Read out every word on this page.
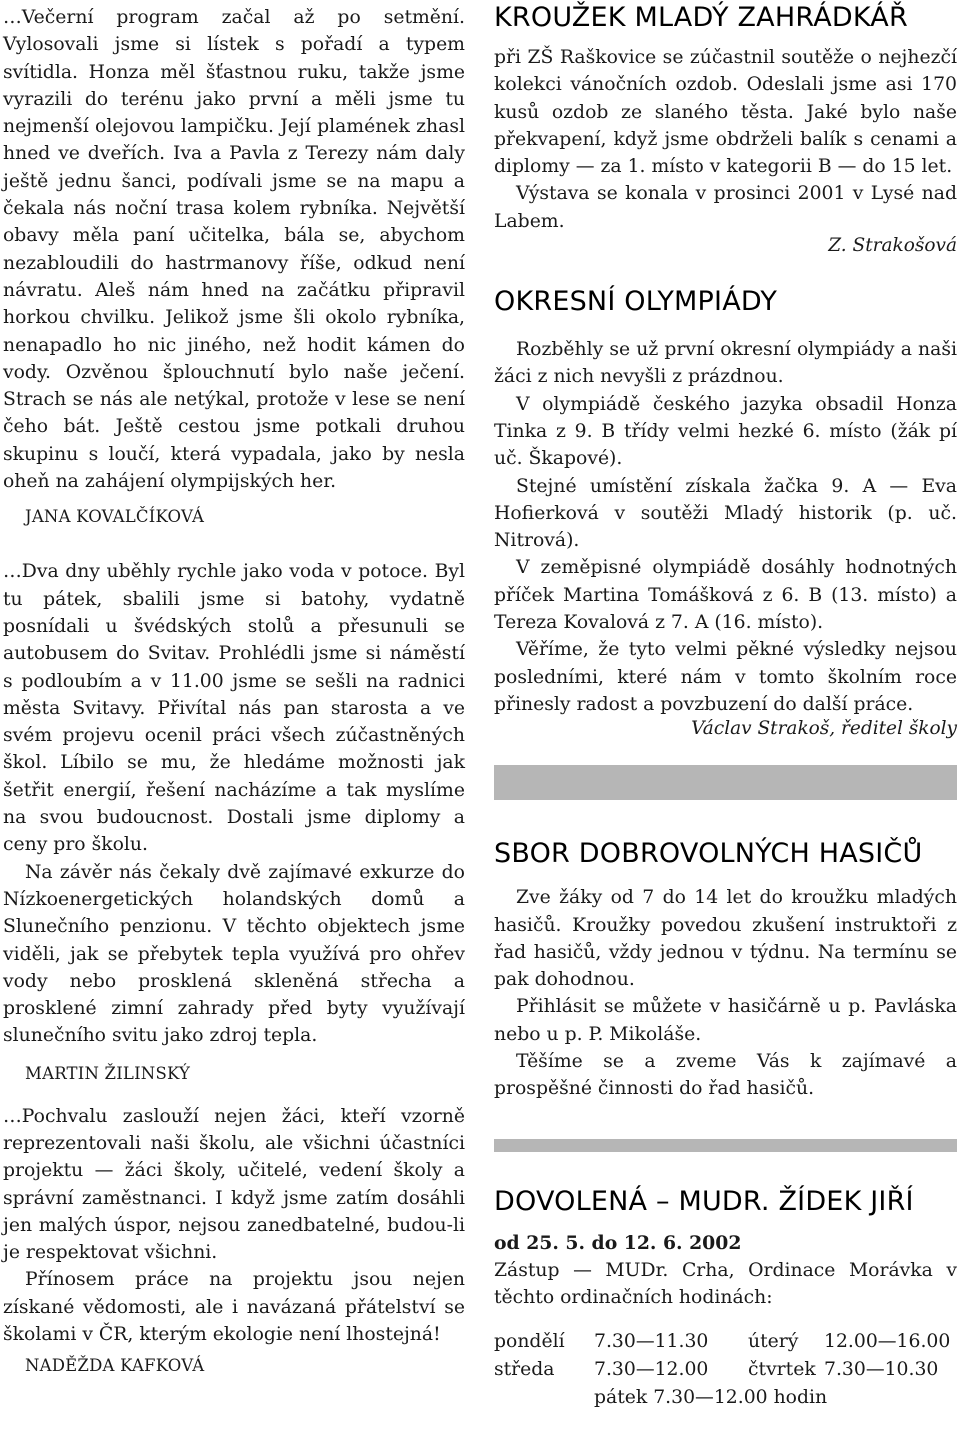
…Večerní program začal až po setmění. Vylosovali jsme si lístek s pořadí a typem svítidla. Honza měl šťastnou ruku, takže jsme vyrazili do terénu jako první a měli jsme tu nejmenší olejovou lampičku. Její plamének zhasl hned ve dveřích. Iva a Pavla z Terezy nám daly ještě jednu šanci, podívali jsme se na mapu a čekala nás noční trasa kolem rybníka. Největší obavy měla paní učitelka, bála se, abychom nezabloudili do hastrmanovy říše, odkud není návratu. Aleš nám hned na začátku připravil horkou chvilku. Jelikož jsme šli okolo rybníka, nenapadlo ho nic jiného, než hodit kámen do vody. Ozvěnou šplouchnutí bylo naše ječení. Strach se nás ale netýkal, protože v lese se není čeho bát. Ještě cestou jsme potkali druhou skupinu s loučí, která vypadala, jako by nesla oheň na zahájení olympijských her.

JANA KOVALČÍKOVÁ

…Dva dny uběhly rychle jako voda v potoce. Byl tu pátek, sbalili jsme si batohy, vydatně posnídali u švédských stolů a přesunuli se autobusem do Svitav. Prohlédli jsme si náměstí s podloubím a v 11.00 jsme se sešli na radnici města Svitavy. Přivítal nás pan starosta a ve svém projevu ocenil práci všech zúčastněných škol. Líbilo se mu, že hledáme možnosti jak šetřit energií, řešení nacházíme a tak myslíme na svou budoucnost. Dostali jsme diplomy a ceny pro školu.

Na závěr nás čekaly dvě zajímavé exkurze do Nízkoenergetických holandských domů a Slunečního penzionu. V těchto objektech jsme viděli, jak se přebytek tepla využívá pro ohřev vody nebo prosklená skleněná střecha a prosklené zimní zahrady před byty využívají slunečního svitu jako zdroj tepla.

MARTIN ŽILINSKÝ

…Pochvalu zaslouží nejen žáci, kteří vzorně reprezentovali naši školu, ale všichni účastníci projektu — žáci školy, učitelé, vedení školy a správní zaměstnanci. I když jsme zatím dosáhli jen malých úspor, nejsou zanedbatelné, budou-li je respektovat všichni.

Přínosem práce na projektu jsou nejen získané vědomosti, ale i navázaná přátelství se školami v ČR, kterým ekologie není lhostejná!

NADĚŽDA KAFKOVÁ
KROUŽEK MLADÝ ZAHRÁDKÁŘ

při ZŠ Raškovice se zúčastnil soutěže o nejhezčí kolekci vánočních ozdob. Odeslali jsme asi 170 kusů ozdob ze slaného těsta. Jaké bylo naše překvapení, když jsme obdrželi balík s cenami a diplomy — za 1. místo v kategorii B — do 15 let.

Výstava se konala v prosinci 2001 v Lysé nad Labem.

Z. Strakošová
OKRESNÍ OLYMPIÁDY

Rozběhly se už první okresní olympiády a naši žáci z nich nevyšli z prázdnou.

V olympiádě českého jazyka obsadil Honza Tinka z 9. B třídy velmi hezké 6. místo (žák pí uč. Škapové).

Stejné umístění získala žačka 9. A — Eva Hofierková v soutěži Mladý historik (p. uč. Nitrová).

V zeměpisné olympiádě dosáhly hodnotných příček Martina Tomášková z 6. B (13. místo) a Tereza Kovalová z 7. A (16. místo).

Věříme, že tyto velmi pěkné výsledky nejsou posledními, které nám v tomto školním roce přinesly radost a povzbuzení do další práce.

Václav Strakoš, ředitel školy
SBOR DOBROVOLNÝCH HASIČŮ

Zve žáky od 7 do 14 let do kroužku mladých hasičů. Kroužky povedou zkušení instruktoři z řad hasičů, vždy jednou v týdnu. Na termínu se pak dohodnou.

Přihlásit se můžete v hasičárně u p. Pavláska nebo u p. P. Mikoláše.

Těšíme se a zveme Vás k zajímavé a prospěšné činnosti do řad hasičů.

DOVOLENÁ – MUDR. ŽÍDEK JIŘÍ

od 25. 5. do 12. 6. 2002

Zástup — MUDr. Crha, Ordinace Morávka v těchto ordinačních hodinách:

pondělí	7.30—11.30	úterý	12.00—16.00
středa	7.30—12.00	čtvrtek	7.30—10.30
	pátek 7.30—12.00 hodin		
